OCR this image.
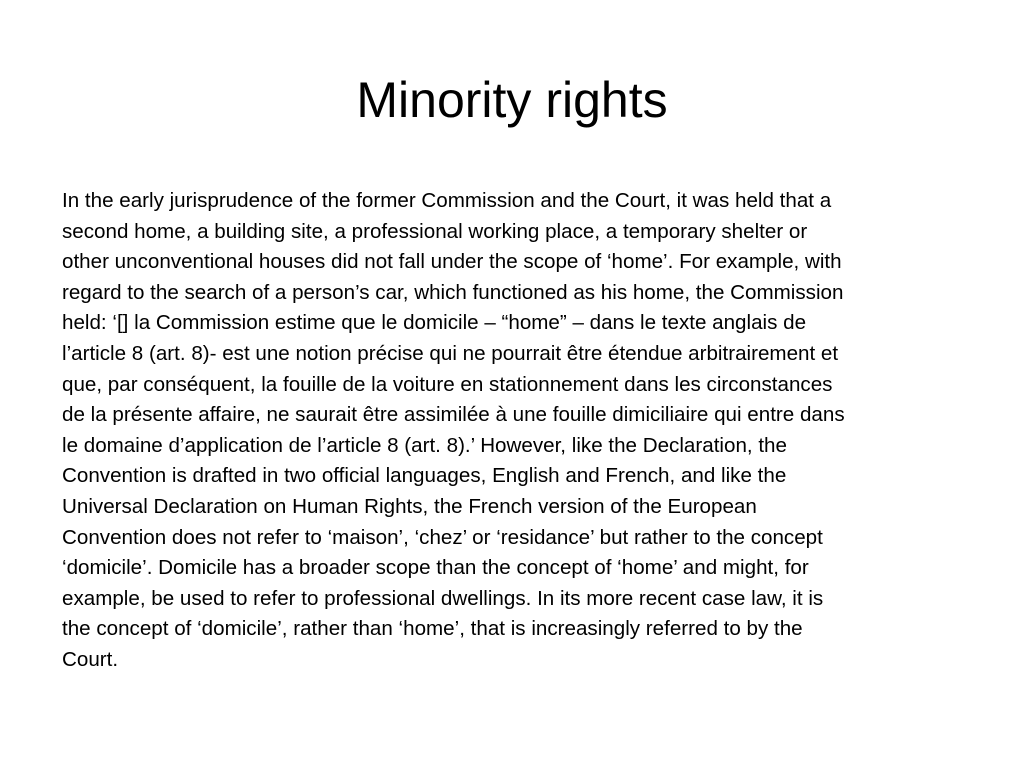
Minority rights
In the early jurisprudence of the former Commission and the Court, it was held that a
second home, a building site, a professional working place, a temporary shelter or
other unconventional houses did not fall under the scope of ‘home’. For example, with
regard to the search of a person’s car, which functioned as his home, the Commission
held: ‘[] la Commission estime que le domicile – “home” – dans le texte anglais de
l’article 8 (art. 8)- est une notion précise qui ne pourrait être étendue arbitrairement et
que, par conséquent, la fouille de la voiture en stationnement dans les circonstances
de la présente affaire, ne saurait être assimilée à une fouille dimiciliaire qui entre dans
le domaine d’application de l’article 8 (art. 8).’ However, like the Declaration, the
Convention is drafted in two official languages, English and French, and like the
Universal Declaration on Human Rights, the French version of the European
Convention does not refer to ‘maison’, ‘chez’ or ‘residance’ but rather to the concept
‘domicile’. Domicile has a broader scope than the concept of ‘home’ and might, for
example, be used to refer to professional dwellings. In its more recent case law, it is
the concept of ‘domicile’, rather than ‘home’, that is increasingly referred to by the
Court.
